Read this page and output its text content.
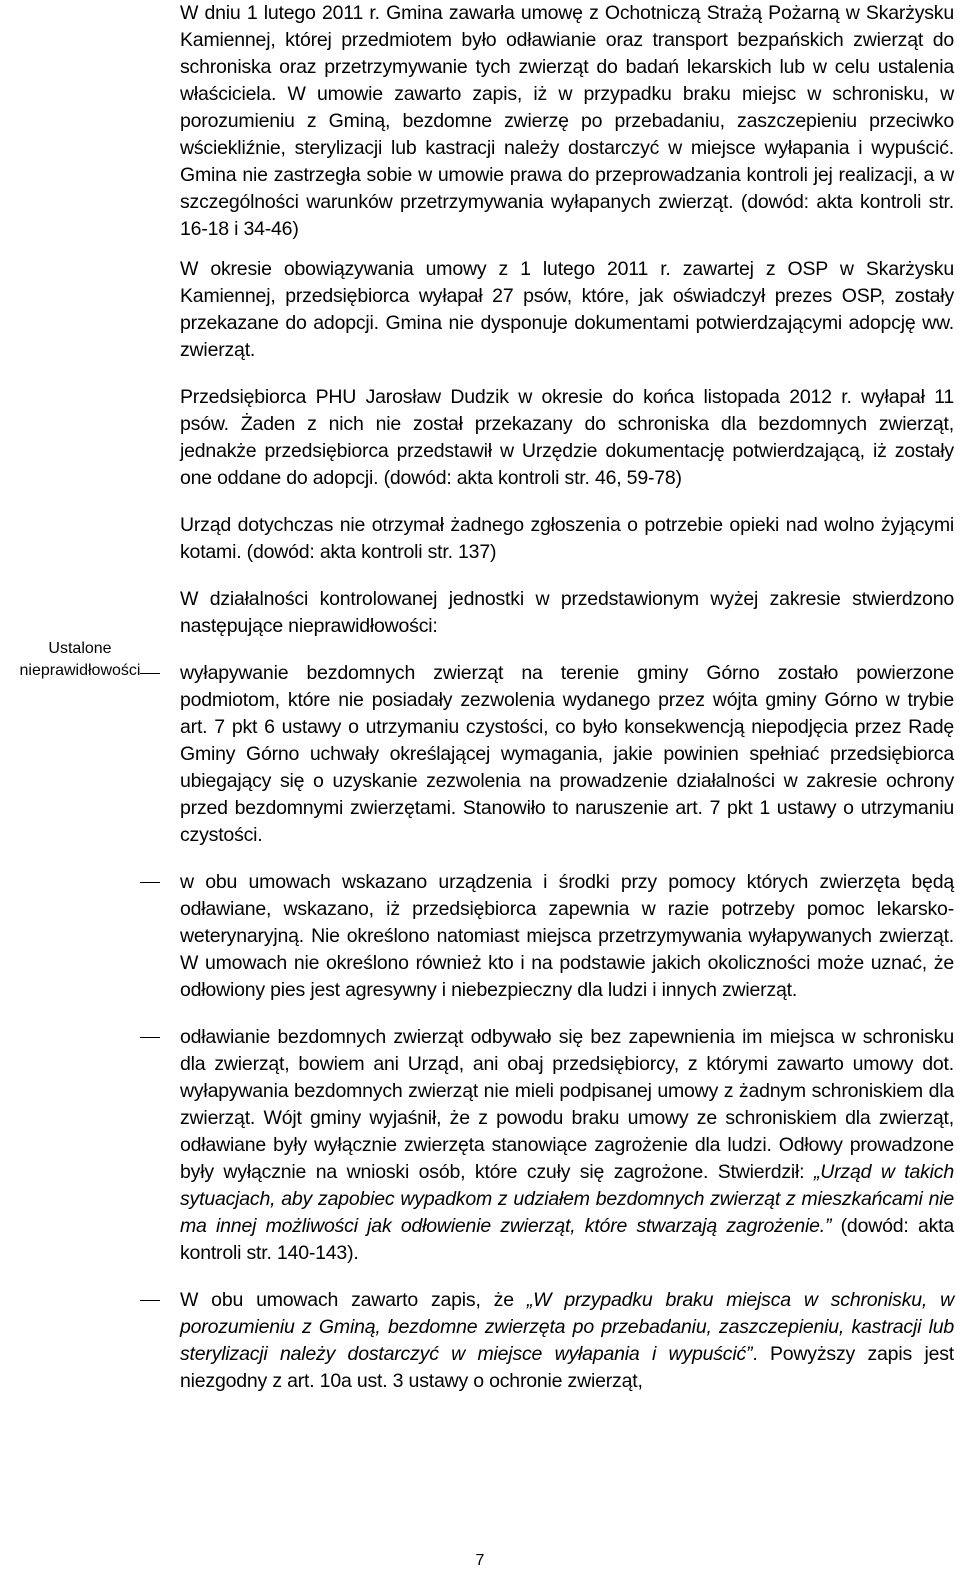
Ustalone
nieprawidłowości

W dniu 1 lutego 2011 r. Gmina zawarła umowę z Ochotniczą Strażą Pożarną w Skarżysku Kamiennej, której przedmiotem było odławianie oraz transport bezpańskich zwierząt do schroniska oraz przetrzymywanie tych zwierząt do badań lekarskich lub w celu ustalenia właściciela. W umowie zawarto zapis, iż w przypadku braku miejsc w schronisku, w porozumieniu z Gminą, bezdomne zwierzę po przebadaniu, zaszczepieniu przeciwko wściekliźnie, sterylizacji lub kastracji należy dostarczyć w miejsce wyłapania i wypuścić. Gmina nie zastrzegła sobie w umowie prawa do przeprowadzania kontroli jej realizacji, a w szczególności warunków przetrzymywania wyłapanych zwierząt. (dowód: akta kontroli str. 16-18 i 34-46)

W okresie obowiązywania umowy z 1 lutego 2011 r. zawartej z OSP w Skarżysku Kamiennej, przedsiębiorca wyłapał 27 psów, które, jak oświadczył prezes OSP, zostały przekazane do adopcji. Gmina nie dysponuje dokumentami potwierdzającymi adopcję ww. zwierząt.

Przedsiębiorca PHU Jarosław Dudzik w okresie do końca listopada 2012 r. wyłapał 11 psów. Żaden z nich nie został przekazany do schroniska dla bezdomnych zwierząt, jednakże przedsiębiorca przedstawił w Urzędzie dokumentację potwierdzającą, iż zostały one oddane do adopcji. (dowód: akta kontroli str. 46, 59-78)

Urząd dotychczas nie otrzymał żadnego zgłoszenia o potrzebie opieki nad wolno żyjącymi kotami. (dowód: akta kontroli str. 137)

W działalności kontrolowanej jednostki w przedstawionym wyżej zakresie stwierdzono następujące nieprawidłowości:

wyłapywanie bezdomnych zwierząt na terenie gminy Górno zostało powierzone podmiotom, które nie posiadały zezwolenia wydanego przez wójta gminy Górno w trybie art. 7 pkt 6 ustawy o utrzymaniu czystości, co było konsekwencją niepodjęcia przez Radę Gminy Górno uchwały określającej wymagania, jakie powinien spełniać przedsiębiorca ubiegający się o uzyskanie zezwolenia na prowadzenie działalności w zakresie ochrony przed bezdomnymi zwierzętami. Stanowiło to naruszenie art. 7 pkt 1 ustawy o utrzymaniu czystości.

w obu umowach wskazano urządzenia i środki przy pomocy których zwierzęta będą odławiane, wskazano, iż przedsiębiorca zapewnia w razie potrzeby pomoc lekarsko-weterynaryjną. Nie określono natomiast miejsca przetrzymywania wyłapywanych zwierząt. W umowach nie określono również kto i na podstawie jakich okoliczności może uznać, że odłowiony pies jest agresywny i niebezpieczny dla ludzi i innych zwierząt.

odławianie bezdomnych zwierząt odbywało się bez zapewnienia im miejsca w schronisku dla zwierząt, bowiem ani Urząd, ani obaj przedsiębiorcy, z którymi zawarto umowy dot. wyłapywania bezdomnych zwierząt nie mieli podpisanej umowy z żadnym schroniskiem dla zwierząt. Wójt gminy wyjaśnił, że z powodu braku umowy ze schroniskiem dla zwierząt, odławiane były wyłącznie zwierzęta stanowiące zagrożenie dla ludzi. Odłowy prowadzone były wyłącznie na wnioski osób, które czuły się zagrożone. Stwierdził: „Urząd w takich sytuacjach, aby zapobiec wypadkom z udziałem bezdomnych zwierząt z mieszkańcami nie ma innej możliwości jak odłowienie zwierząt, które stwarzają zagrożenie.” (dowód: akta kontroli str. 140-143).

W obu umowach zawarto zapis, że „W przypadku braku miejsca w schronisku, w porozumieniu z Gminą, bezdomne zwierzęta po przebadaniu, zaszczepieniu, kastracji lub sterylizacji należy dostarczyć w miejsce wyłapania i wypuścić”. Powyższy zapis jest niezgodny z art. 10a ust. 3 ustawy o ochronie zwierząt,

7
